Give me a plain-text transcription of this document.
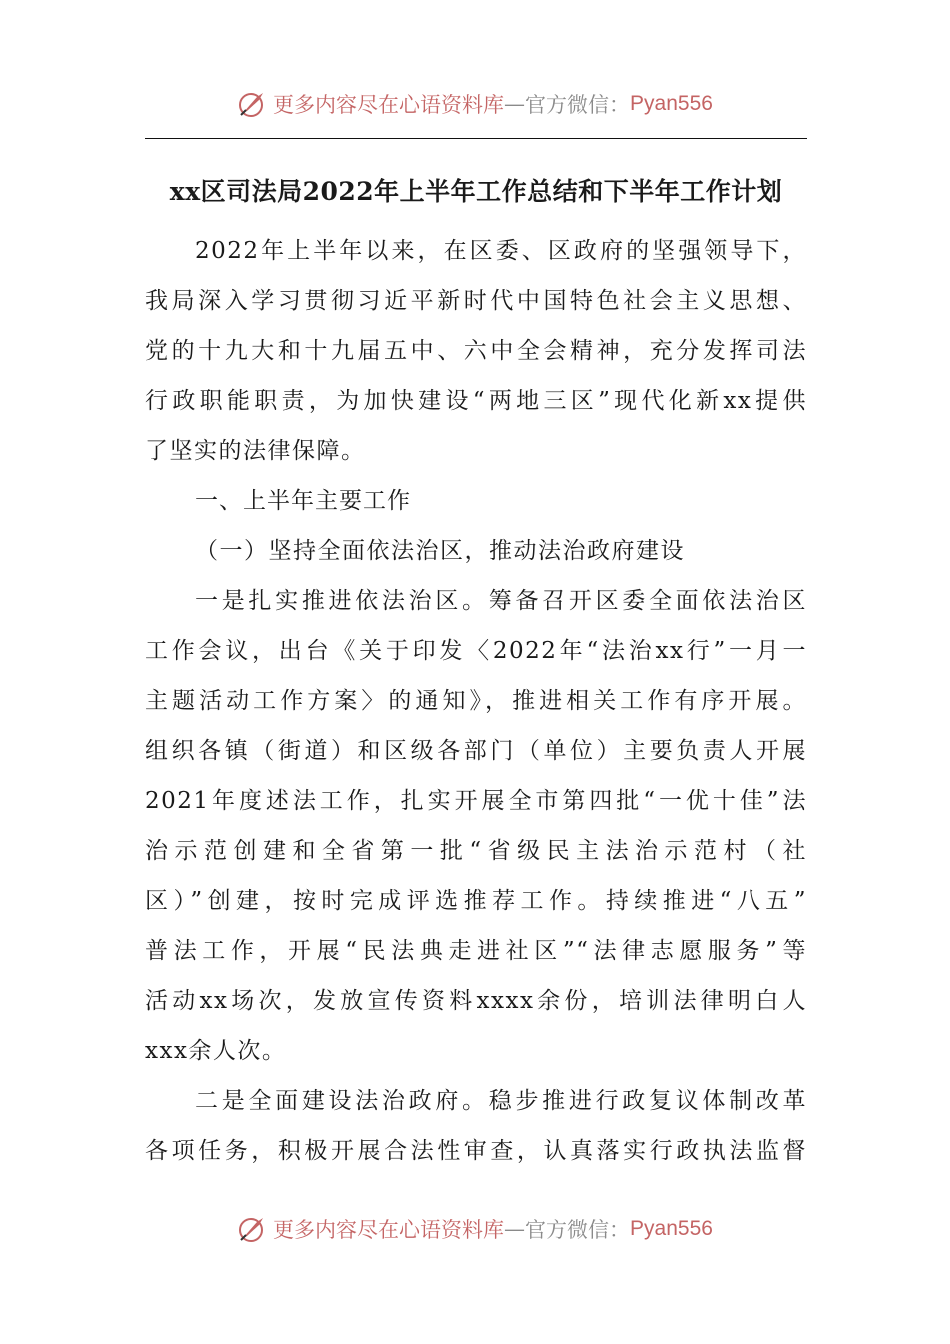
更多内容尽在心语资料库 — 官方微信： Pyan556
xx区司法局2022年上半年工作总结和下半年工作计划
2022年上半年以来，在区委、区政府的坚强领导下，
我局深入学习贯彻习近平新时代中国特色社会主义思想、
党的十九大和十九届五中、六中全会精神，充分发挥司法
行政职能职责，为加快建设“两地三区”现代化新xx提供
了坚实的法律保障。
一、上半年主要工作
（一）坚持全面依法治区，推动法治政府建设
一是扎实推进依法治区。筹备召开区委全面依法治区
工作会议，出台《关于印发〈2022年“法治xx行”一月一
主题活动工作方案〉的通知》，推进相关工作有序开展。
组织各镇（街道）和区级各部门（单位）主要负责人开展
2021年度述法工作，扎实开展全市第四批“一优十佳”法
治示范创建和全省第一批“省级民主法治示范村（社
区）”创建，按时完成评选推荐工作。持续推进“八五”
普法工作，开展“民法典走进社区”“法律志愿服务”等
活动xx场次，发放宣传资料xxxx余份，培训法律明白人
xxx余人次。
二是全面建设法治政府。稳步推进行政复议体制改革
各项任务，积极开展合法性审查，认真落实行政执法监督
更多内容尽在心语资料库 — 官方微信： Pyan556
